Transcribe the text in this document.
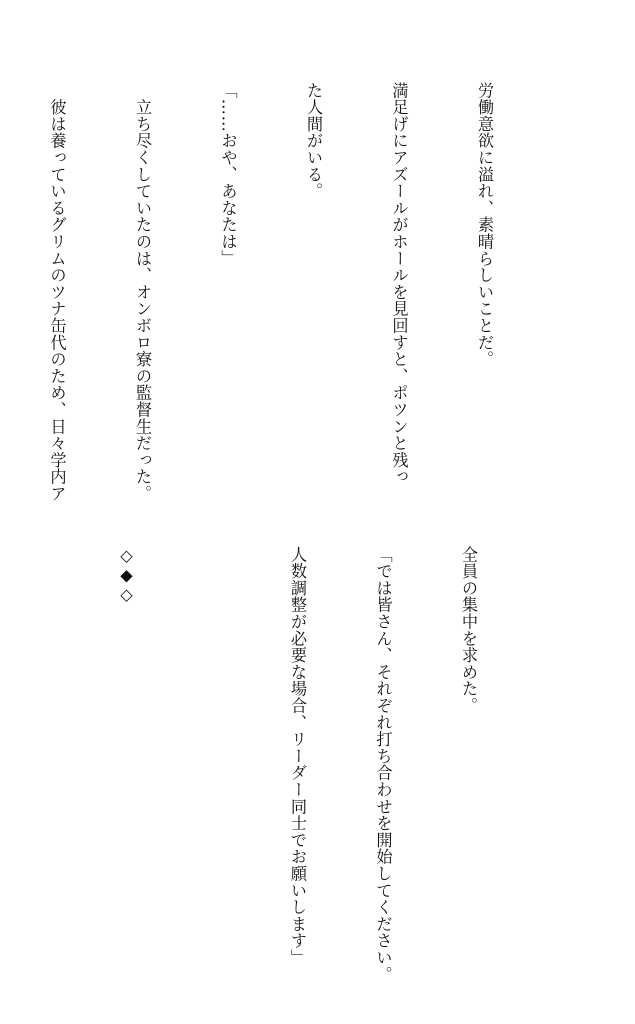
労働意欲に溢れ、素晴らしいことだ。

満足げにアズールがホールを見回すと、ポツンと残っ

た人間がいる。

「……おや、あなたは」

　立ち尽くしていたのは、オンボロ寮の監督生だった。

　彼は養っているグリムのツナ缶代のため、日々学内ア

全員の集中を求めた。

「では皆さん、それぞれ打ち合わせを開始してください。

人数調整が必要な場合、リーダー同士でお願いします」

◇◆◇
